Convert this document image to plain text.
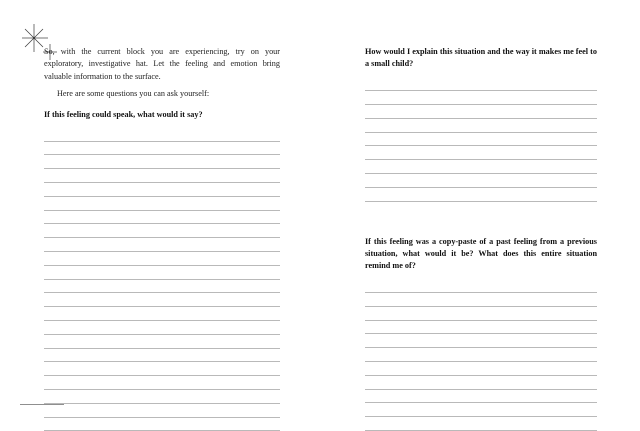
So, with the current block you are experiencing, try on your exploratory, investigative hat. Let the feeling and emotion bring valuable information to the surface.

Here are some questions you can ask yourself:

If this feeling could speak, what would it say?

How would I explain this situation and the way it makes me feel to a small child?

If this feeling was a copy-paste of a past feeling from a previous situation, what would it be? What does this entire situation remind me of?
